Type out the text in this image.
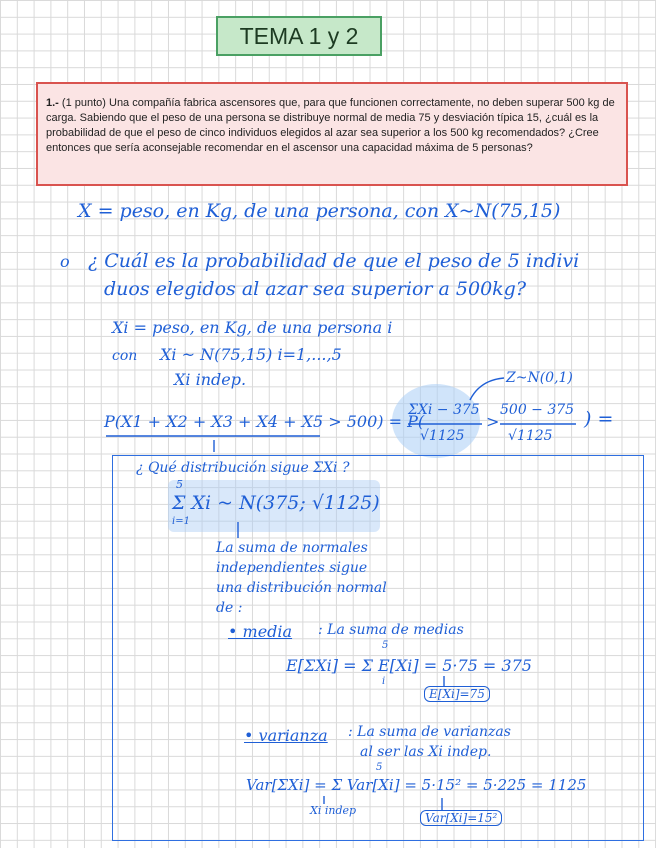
TEMA 1 y 2
1.- (1 punto) Una compañía fabrica ascensores que, para que funcionen correctamente, no deben superar 500 kg de carga. Sabiendo que el peso de una persona se distribuye normal de media 75 y desviación típica 15, ¿cuál es la probabilidad de que el peso de cinco individuos elegidos al azar sea superior a los 500 kg recomendados? ¿Cree entonces que sería aconsejable recomendar en el ascensor una capacidad máxima de 5 personas?
X = peso, en Kg, de una persona, con X~N(75,15)
o ¿ Cuál es la probabilidad de que el peso de 5 indivi
duos elegidos al azar sea superior a 500kg?
Xi = peso, en Kg, de una persona i
con Xi ~ N(75,15) i=1,...,5
Xi indep.	Z~N(0,1)
P(X1 + X2 + X3 + X4 + X5 > 500) = P(
ΣXi − 375
√1125
>
500 − 375
√1125
) =
¿ Qué distribución sigue ΣXi ?
5
Σ Xi ~ N(375; √1125)
i=1
La suma de normales
independientes sigue
una distribución normal
de :
• media : La suma de medias
5
E[ΣXi] = Σ E[Xi] = 5·75 = 375
i
E[Xi]=75
• varianza : La suma de varianzas
al ser las Xi indep.
5
Var[ΣXi] = Σ Var[Xi] = 5·15² = 5·225 = 1125
Xi indep
Var[Xi]=15²
